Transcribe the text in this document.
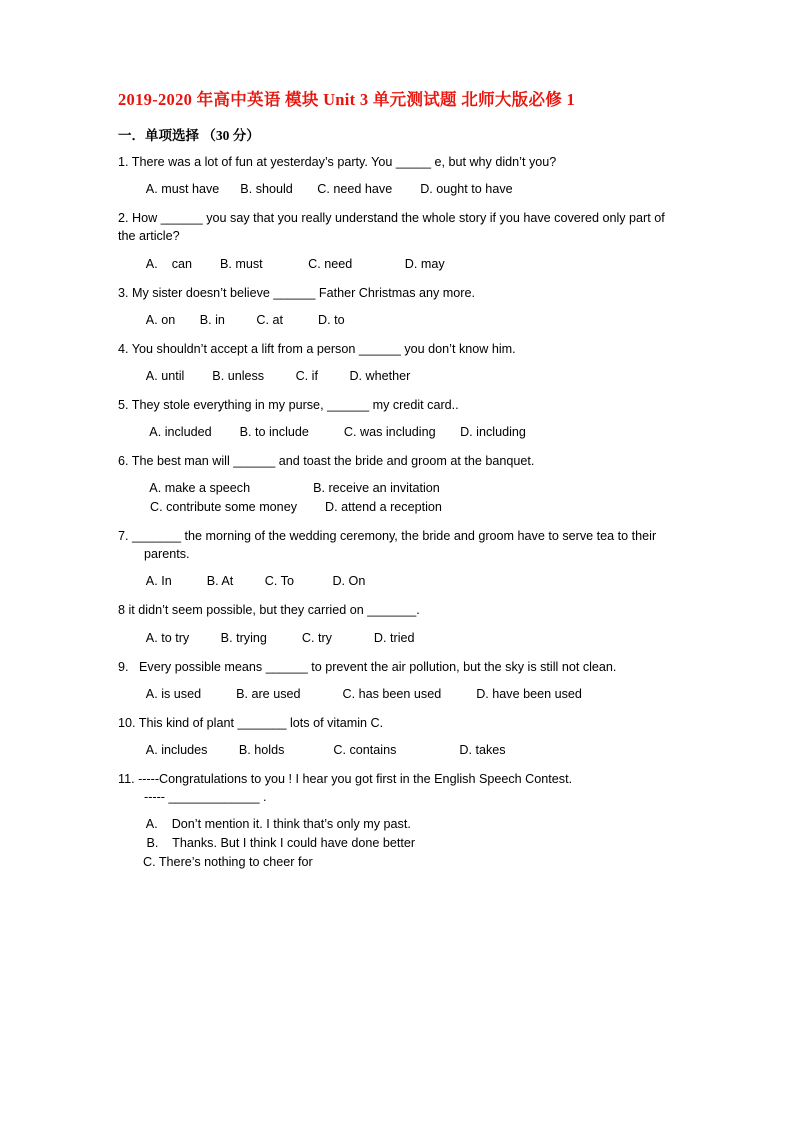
2019-2020 年高中英语 模块 Unit 3 单元测试题 北师大版必修 1
一．单项选择 （30 分）
1. There was a lot of fun at yesterday’s party. You _____ e, but why didn’t you?
A. must have      B. should       C. need have        D. ought to have
2. How ______ you say that you really understand the whole story if you have covered only part of
the article?
A.    can        B. must             C. need               D. may
3. My sister doesn’t believe ______ Father Christmas any more.
A. on       B. in         C. at          D. to
4. You shouldn’t accept a lift from a person ______ you don’t know him.
A. until        B. unless         C. if         D. whether
5. They stole everything in my purse, ______ my credit card..
A. included        B. to include          C. was including       D. including
6. The best man will ______ and toast the bride and groom at the banquet.
A. make a speech                  B. receive an invitation
C. contribute some money        D. attend a reception
7. _______ the morning of the wedding ceremony, the bride and groom have to serve tea to their
parents.
A. In          B. At         C. To           D. On
8 it didn’t seem possible, but they carried on _______.
A. to try         B. trying          C. try            D. tried
9.   Every possible means ______ to prevent the air pollution, but the sky is still not clean.
A. is used          B. are used            C. has been used          D. have been used
10. This kind of plant _______ lots of vitamin C.
A. includes         B. holds              C. contains                  D. takes
11. -----Congratulations to you ! I hear you got first in the English Speech Contest.
----- _____________ .
A.    Don’t mention it. I think that’s only my past.
B.    Thanks. But I think I could have done better
C. There’s nothing to cheer for
